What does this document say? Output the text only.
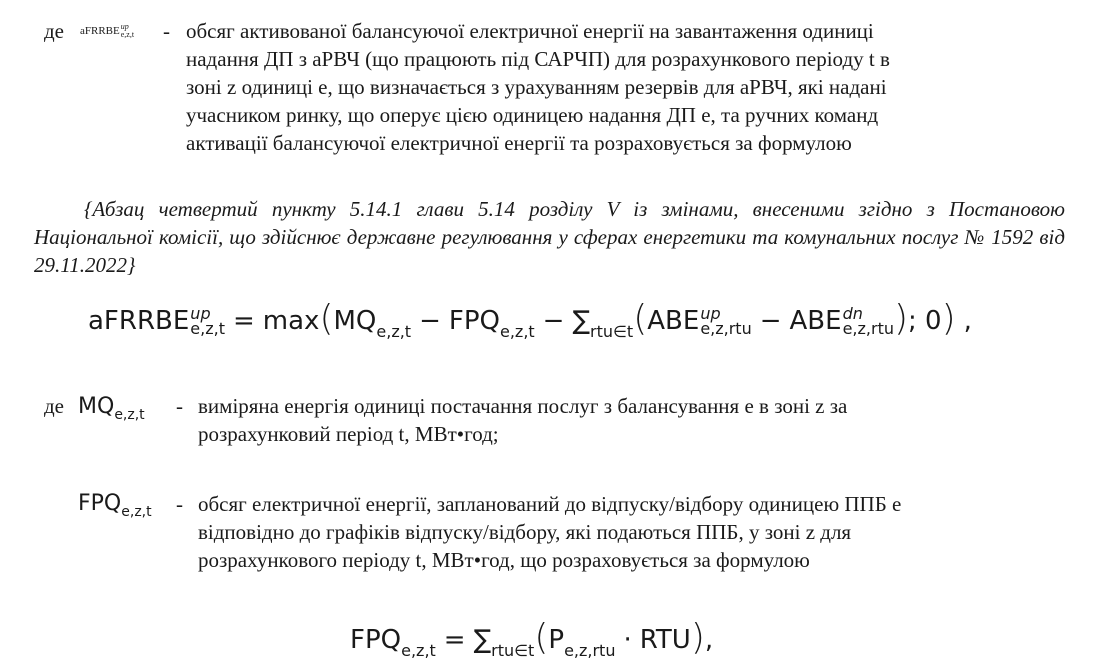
де aFRRBE up
e,z,t - обсяг активованої балансуючої електричної енергії на завантаження одиниці
надання ДП з аРВЧ (що працюють під САРЧП) для розрахункового періоду t в
зоні z одиниці e, що визначається з урахуванням резервів для аРВЧ, які надані
учасником ринку, що оперує цією одиницею надання ДП e, та ручних команд
активації балансуючої електричної енергії та розраховується за формулою
{Абзац четвертий пункту 5.14.1 глави 5.14 розділу V із змінами, внесеними згідно з Постановою Національної комісії, що здійснює державне регулювання у сферах енергетики та комунальних послуг № 1592 від 29.11.2022}
aFRRBE up
e,z,t = max ( $MQ_{e,z,t} - FPQ_{e,z,t} - \sum_{rtu\in t}$ ( ABE up
e,z,rtu − ABE dn
e,z,rtu ) ; 0 ) ,
де $MQ_{e,z,t}$ - виміряна енергія одиниці постачання послуг з балансування e в зоні z за
розрахунковий період t, МВт•год;
$FPQ_{e,z,t}$ - обсяг електричної енергії, запланований до відпуску/відбору одиницею ППБ e
відповідно до графіків відпуску/відбору, які подаються ППБ, у зоні z для
розрахункового періоду t, МВт•год, що розраховується за формулою
$FPQ_{e,z,t} = \sum_{rtu\in t}$ ( $P_{e,z,rtu}$ · RTU ) ,
